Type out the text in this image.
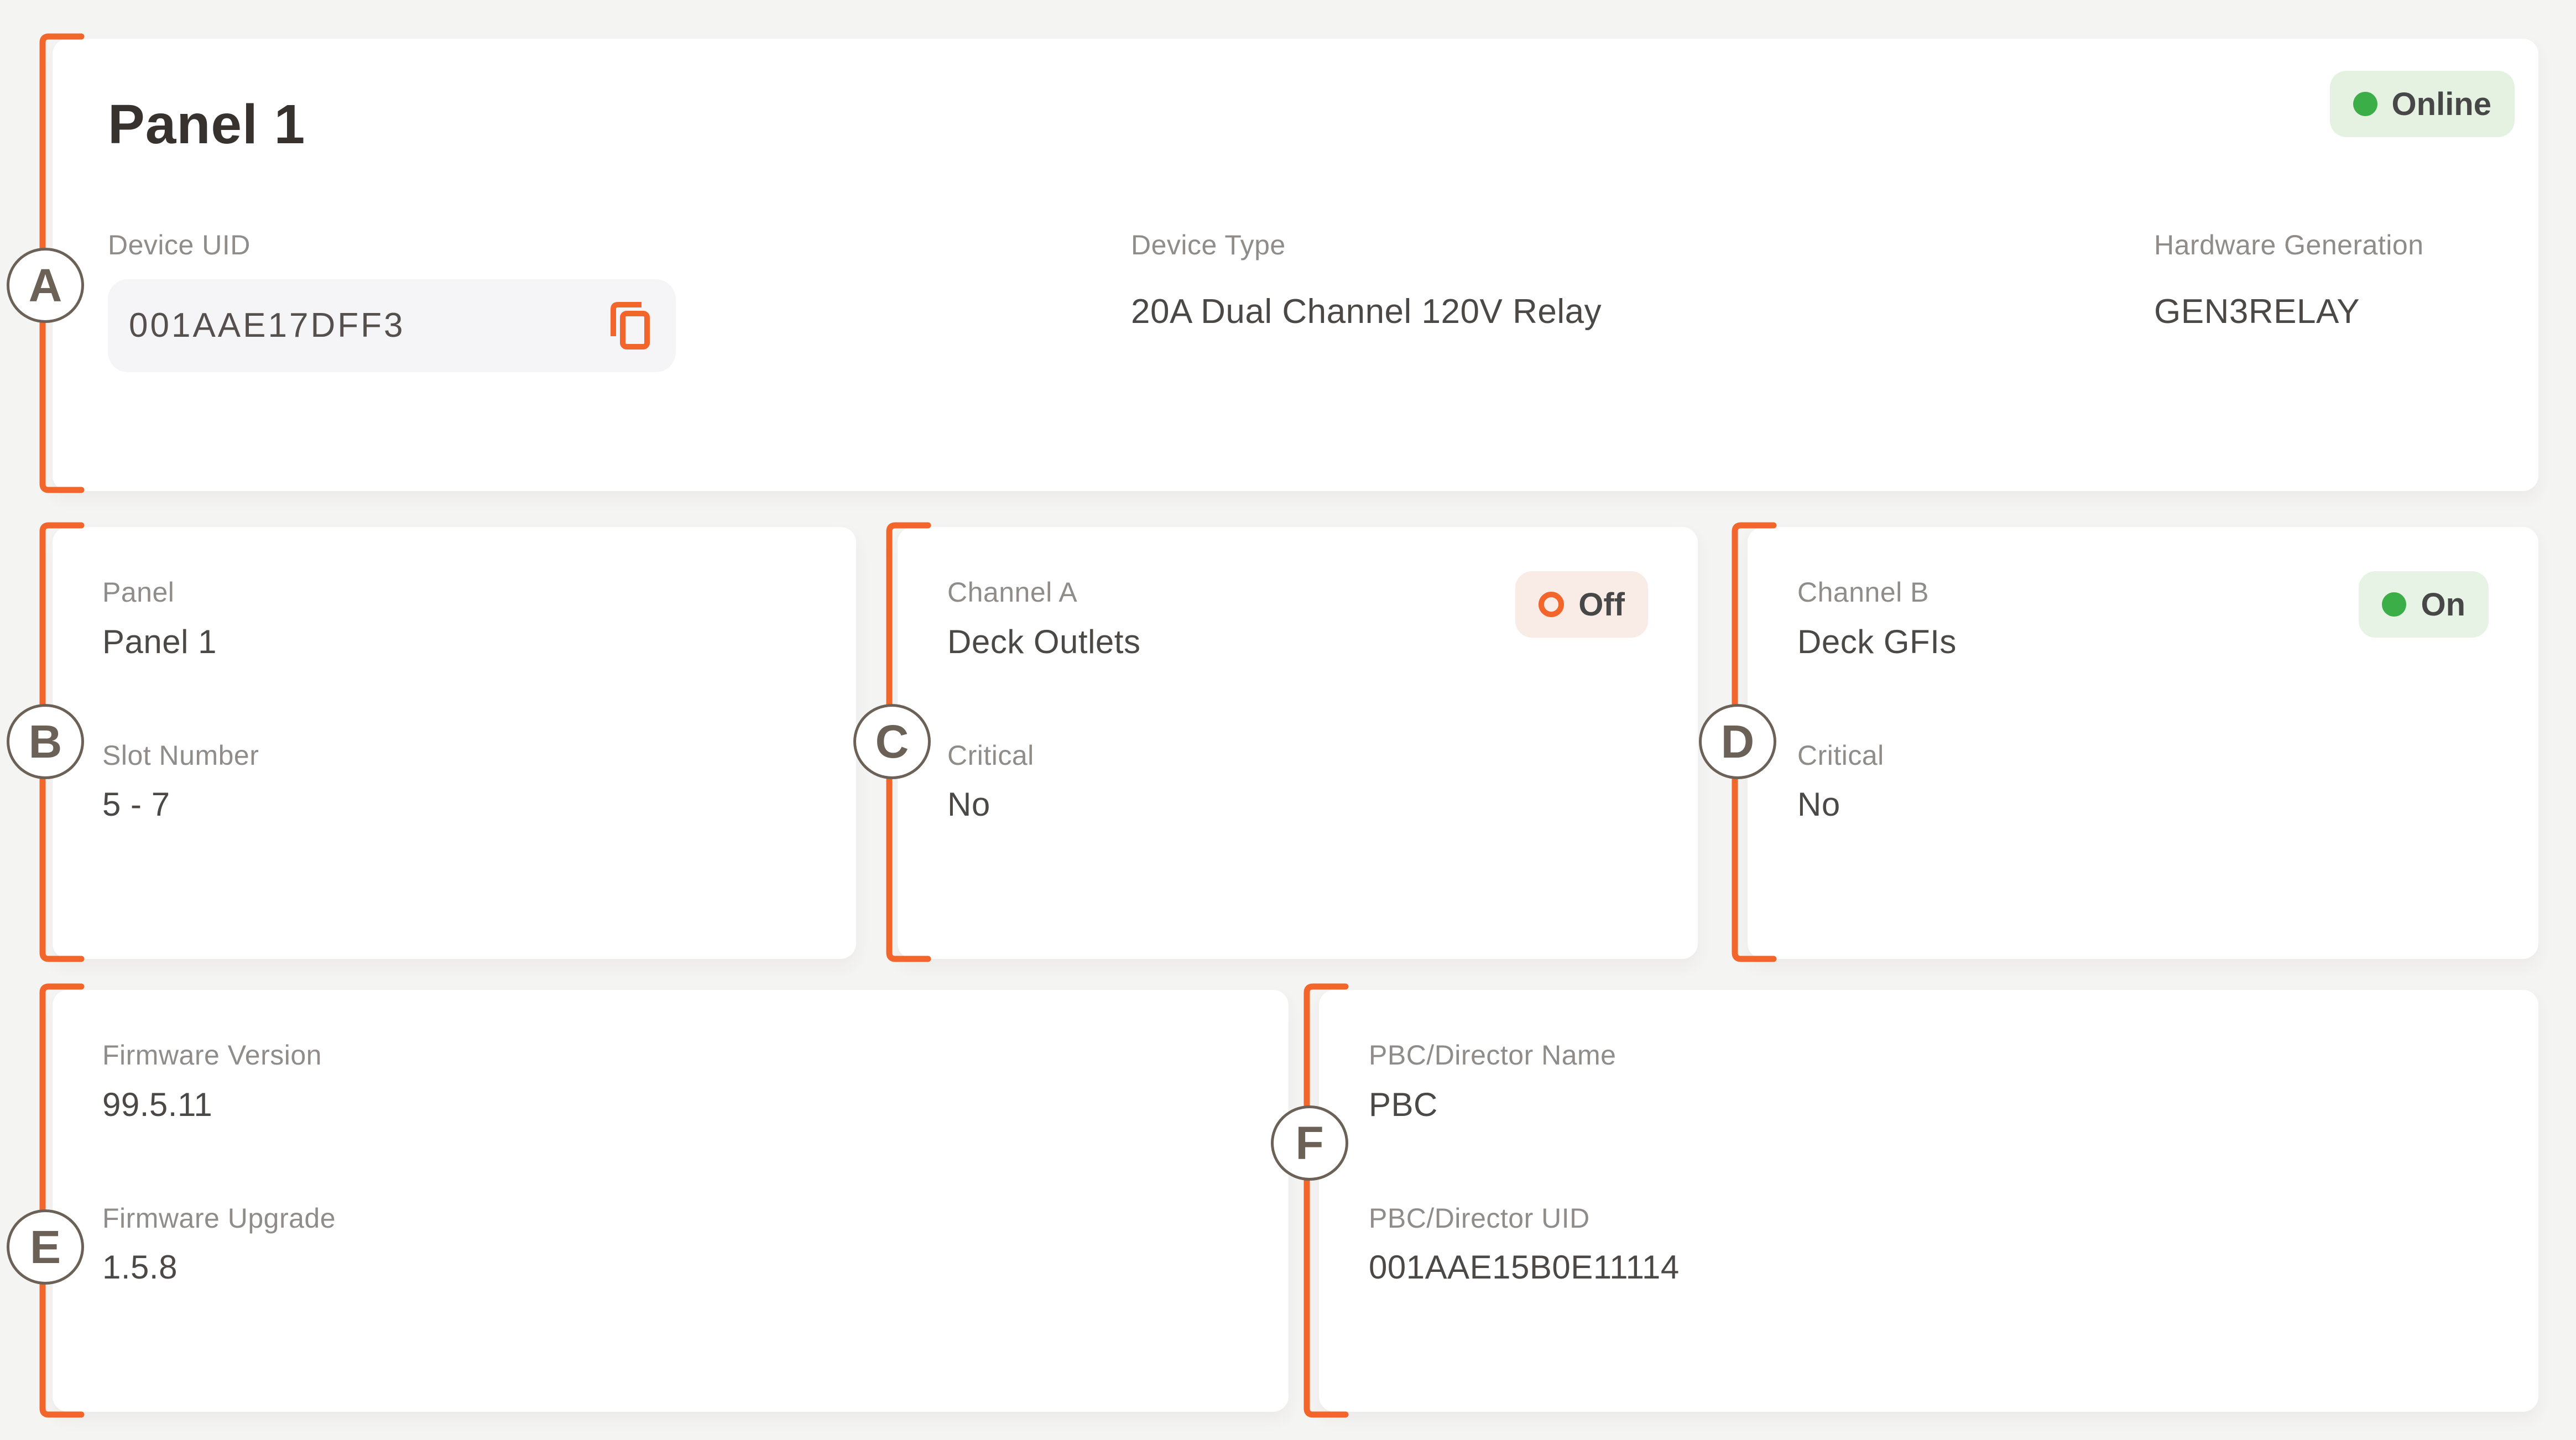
Panel 1	Online
Device UID
001AAE17DFF3
Device Type
20A Dual Channel 120V Relay
Hardware Generation
GEN3RELAY
Panel
Panel 1
Slot Number
5 - 7
Channel A
Deck Outlets
Off
Critical
No
Channel B
Deck GFIs
On
Critical
No
Firmware Version
99.5.11
Firmware Upgrade
1.5.8
PBC/Director Name
PBC
PBC/Director UID
001AAE15B0E11114
A
B	C	D
E
F
